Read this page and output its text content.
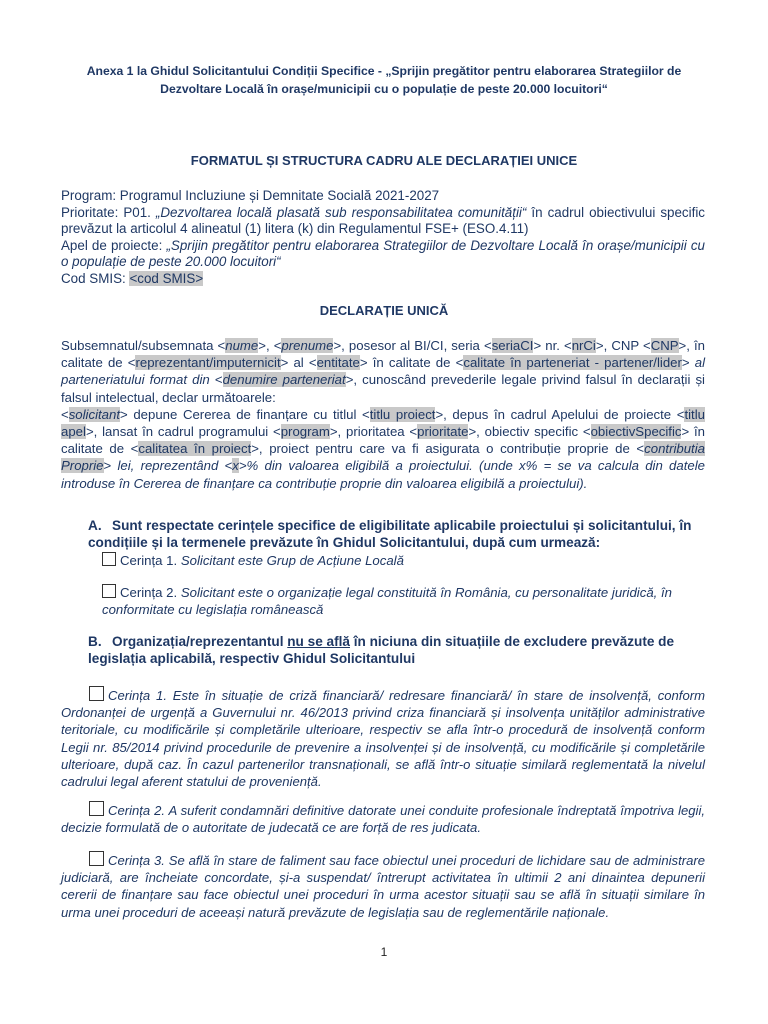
Anexa 1 la Ghidul Solicitantului Condiții Specifice - „Sprijin pregătitor pentru elaborarea Strategiilor de
Dezvoltare Locală în orașe/municipii cu o populație de peste 20.000 locuitori“
FORMATUL ȘI STRUCTURA CADRU ALE DECLARAȚIEI UNICE

Program: Programul Incluziune și Demnitate Socială 2021-2027

Prioritate: P01. „Dezvoltarea locală plasată sub responsabilitatea comunității“ în cadrul obiectivului specific prevăzut la articolul 4 alineatul (1) litera (k) din Regulamentul FSE+ (ESO.4.11)

Apel de proiecte: „Sprijin pregătitor pentru elaborarea Strategiilor de Dezvoltare Locală în orașe/municipii cu o populație de peste 20.000 locuitori“

Cod SMIS: <cod SMIS>

DECLARAȚIE UNICĂ

Subsemnatul/subsemnata <nume>, <prenume>, posesor al BI/CI, seria <seriaCI> nr. <nrCi>, CNP <CNP>, în calitate de <reprezentant/imputernicit> al <entitate> în calitate de <calitate în parteneriat - partener/lider> al parteneriatului format din <denumire parteneriat>, cunoscând prevederile legale privind falsul în declarații și falsul intelectual, declar următoarele:

<solicitant> depune Cererea de finanțare cu titlul <titlu proiect>, depus în cadrul Apelului de proiecte <titlu apel>, lansat în cadrul programului <program>, prioritatea <prioritate>, obiectiv specific <obiectivSpecific> în calitate de <calitatea în proiect>, proiect pentru care va fi asigurata o contribuție proprie de <contributia Proprie> lei, reprezentând <x>% din valoarea eligibilă a proiectului. (unde x% = se va calcula din datele introduse în Cererea de finanțare ca contribuție proprie din valoarea eligibilă a proiectului).

A. Sunt respectate cerințele specifice de eligibilitate aplicabile proiectului și solicitantului, în condițiile și la termenele prevăzute în Ghidul Solicitantului, după cum urmează:
Cerința 1. Solicitant este Grup de Acțiune Locală
Cerința 2. Solicitant este o organizație legal constituită în România, cu personalitate juridică, în conformitate cu legislația românească
B. Organizația/reprezentantul nu se află în niciuna din situațiile de excludere prevăzute de legislația aplicabilă, respectiv Ghidul Solicitantului
Cerința 1. Este în situație de criză financiară/ redresare financiară/ în stare de insolvență, conform Ordonanței de urgență a Guvernului nr. 46/2013 privind criza financiară și insolvența unităților administrative teritoriale, cu modificările și completările ulterioare, respectiv se afla într-o procedură de insolvență conform Legii nr. 85/2014 privind procedurile de prevenire a insolvenței și de insolvență, cu modificările și completările ulterioare, după caz. În cazul partenerilor transnaționali, se află într-o situație similară reglementată la nivelul cadrului legal aferent statului de proveniență.
Cerința 2. A suferit condamnări definitive datorate unei conduite profesionale îndreptată împotriva legii, decizie formulată de o autoritate de judecată ce are forță de res judicata.
Cerința 3. Se află în stare de faliment sau face obiectul unei proceduri de lichidare sau de administrare judiciară, are încheiate concordate, și-a suspendat/ întrerupt activitatea în ultimii 2 ani dinaintea depunerii cererii de finanțare sau face obiectul unei proceduri în urma acestor situații sau se află în situații similare în urma unei proceduri de aceeași natură prevăzute de legislația sau de reglementările naționale.
1
